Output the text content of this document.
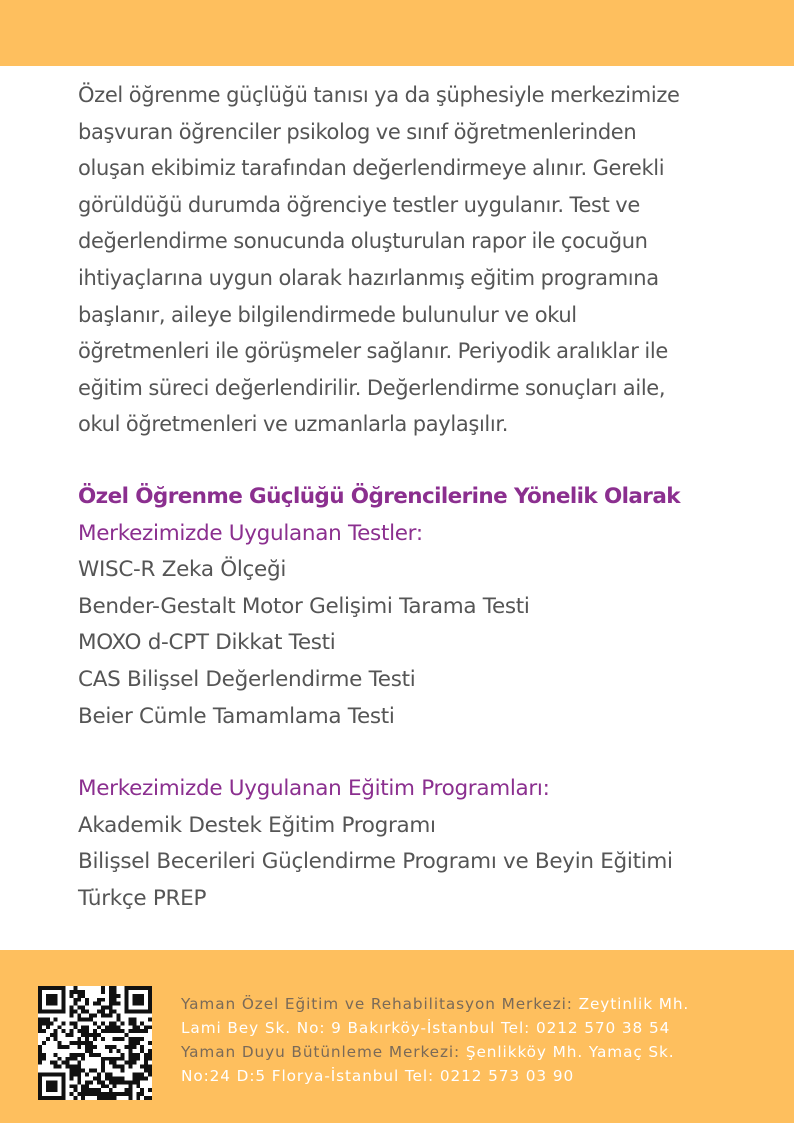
Özel öğrenme güçlüğü tanısı ya da şüphesiyle merkezimize
başvuran öğrenciler psikolog ve sınıf öğretmenlerinden
oluşan ekibimiz tarafından değerlendirmeye alınır. Gerekli
görüldüğü durumda öğrenciye testler uygulanır. Test ve
değerlendirme sonucunda oluşturulan rapor ile çocuğun
ihtiyaçlarına uygun olarak hazırlanmış eğitim programına
başlanır, aileye bilgilendirmede bulunulur ve okul
öğretmenleri ile görüşmeler sağlanır. Periyodik aralıklar ile
eğitim süreci değerlendirilir. Değerlendirme sonuçları aile,
okul öğretmenleri ve uzmanlarla paylaşılır.
Özel Öğrenme Güçlüğü Öğrencilerine Yönelik Olarak
Merkezimizde Uygulanan Testler:
WISC-R Zeka Ölçeği
Bender-Gestalt Motor Gelişimi Tarama Testi
MOXO d-CPT Dikkat Testi
CAS Bilişsel Değerlendirme Testi
Beier Cümle Tamamlama Testi
Merkezimizde Uygulanan Eğitim Programları:
Akademik Destek Eğitim Programı
Bilişsel Becerileri Güçlendirme Programı ve Beyin Eğitimi
Türkçe PREP
Yaman Özel Eğitim ve Rehabilitasyon Merkezi: Zeytinlik Mh.
Lami Bey Sk. No: 9 Bakırköy-İstanbul Tel: 0212 570 38 54
Yaman Duyu Bütünleme Merkezi: Şenlikköy Mh. Yamaç Sk.
No:24 D:5 Florya-İstanbul Tel: 0212 573 03 90
